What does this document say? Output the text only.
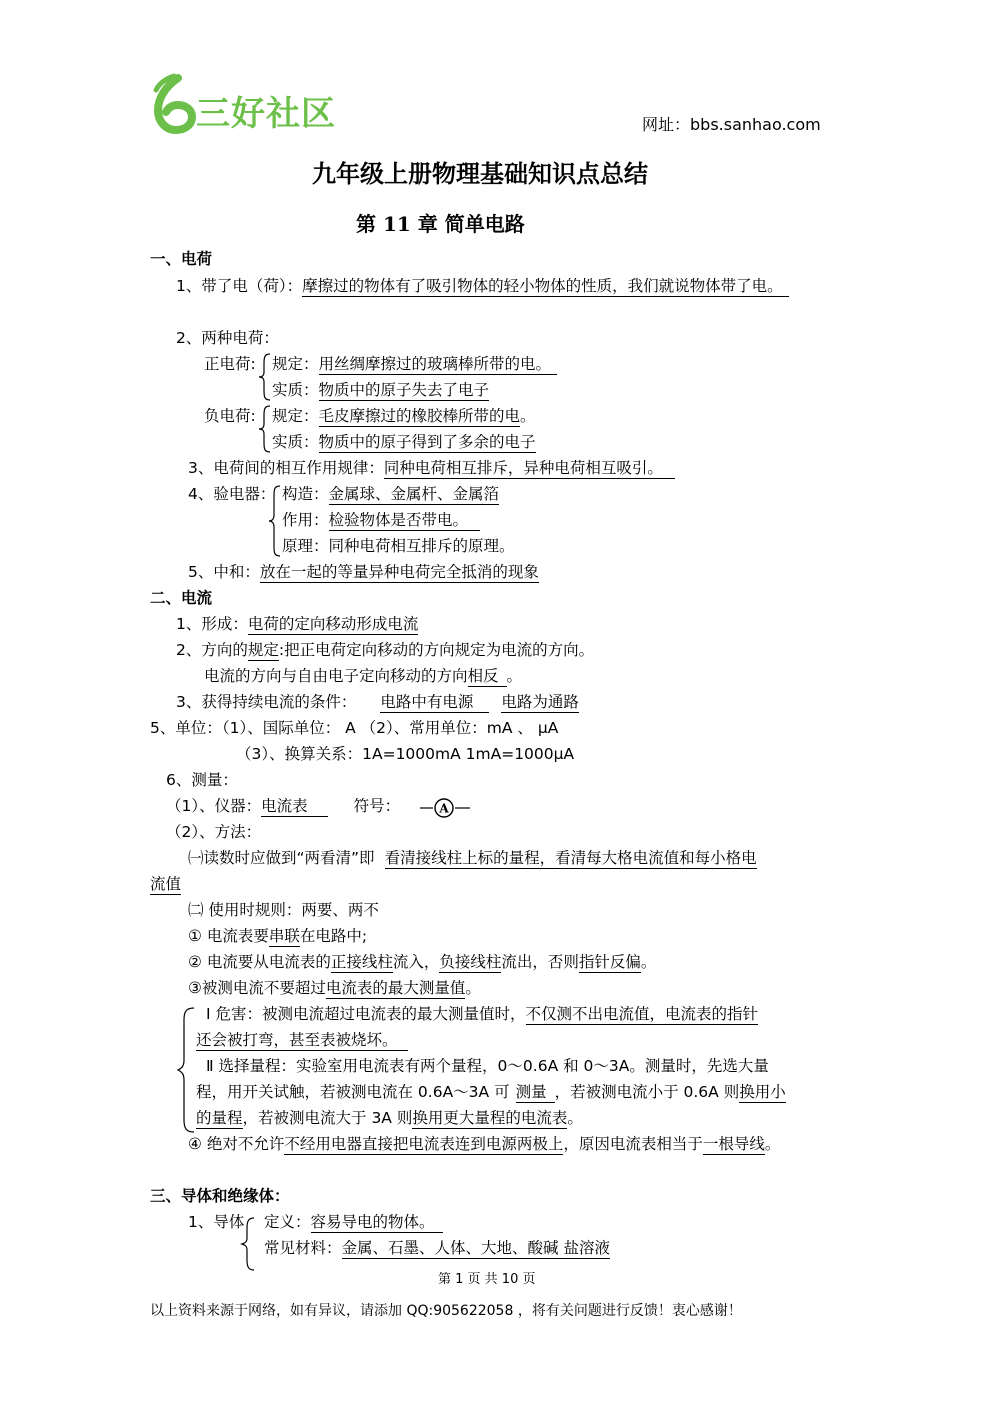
三好社区	网址：bbs.sanhao.com
九年级上册物理基础知识点总结
第 11 章 简单电路
一、电荷
1、带了电（荷）：摩擦过的物体有了吸引物体的轻小物体的性质，我们就说物体带了电。
2、两种电荷：
正电荷: 规定：用丝绸摩擦过的玻璃棒所带的电。
实质：物质中的原子失去了电子
负电荷: 规定：毛皮摩擦过的橡胶棒所带的电。
实质：物质中的原子得到了多余的电子
3、电荷间的相互作用规律：同种电荷相互排斥，异种电荷相互吸引。
4、验电器： 构造：金属球、金属杆、金属箔
作用：检验物体是否带电。
原理：同种电荷相互排斥的原理。
5、中和：放在一起的等量异种电荷完全抵消的现象
二、电流
1、形成：电荷的定向移动形成电流
2、方向的规定:把正电荷定向移动的方向规定为电流的方向。
电流的方向与自由电子定向移动的方向相反 。
3、获得持续电流的条件： 电路中有电源 电路为通路
5、单位：（1）、国际单位： A （2）、常用单位：mA 、 μA
（3）、换算关系：1A=1000mA 1mA=1000μA
6、测量：
（1）、仪器：电流表	符号：	A
（2）、方法：
㈠读数时应做到“两看清”即 看清接线柱上标的量程，看清每大格电流值和每小格电
流值
㈡ 使用时规则：两要、两不
① 电流表要串联在电路中;
② 电流要从电流表的正接线柱流入，负接线柱流出，否则指针反偏。
③被测电流不要超过电流表的最大测量值。
Ⅰ 危害：被测电流超过电流表的最大测量值时，不仅测不出电流值，电流表的指针
还会被打弯，甚至表被烧坏。
Ⅱ 选择量程：实验室用电流表有两个量程，0～0.6A 和 0～3A。测量时，先选大量
程，用开关试触，若被测电流在 0.6A～3A 可 测量 ，若被测电流小于 0.6A 则换用小
的量程，若被测电流大于 3A 则换用更大量程的电流表。
④ 绝对不允许不经用电器直接把电流表连到电源两极上，原因电流表相当于一根导线。
三、导体和绝缘体：
1、导体 定义：容易导电的物体。
常见材料：金属、石墨、人体、大地、酸碱 盐溶液
第 1 页 共 10 页
以上资料来源于网络，如有异议，请添加 QQ:905622058 ，将有关问题进行反馈！衷心感谢！
